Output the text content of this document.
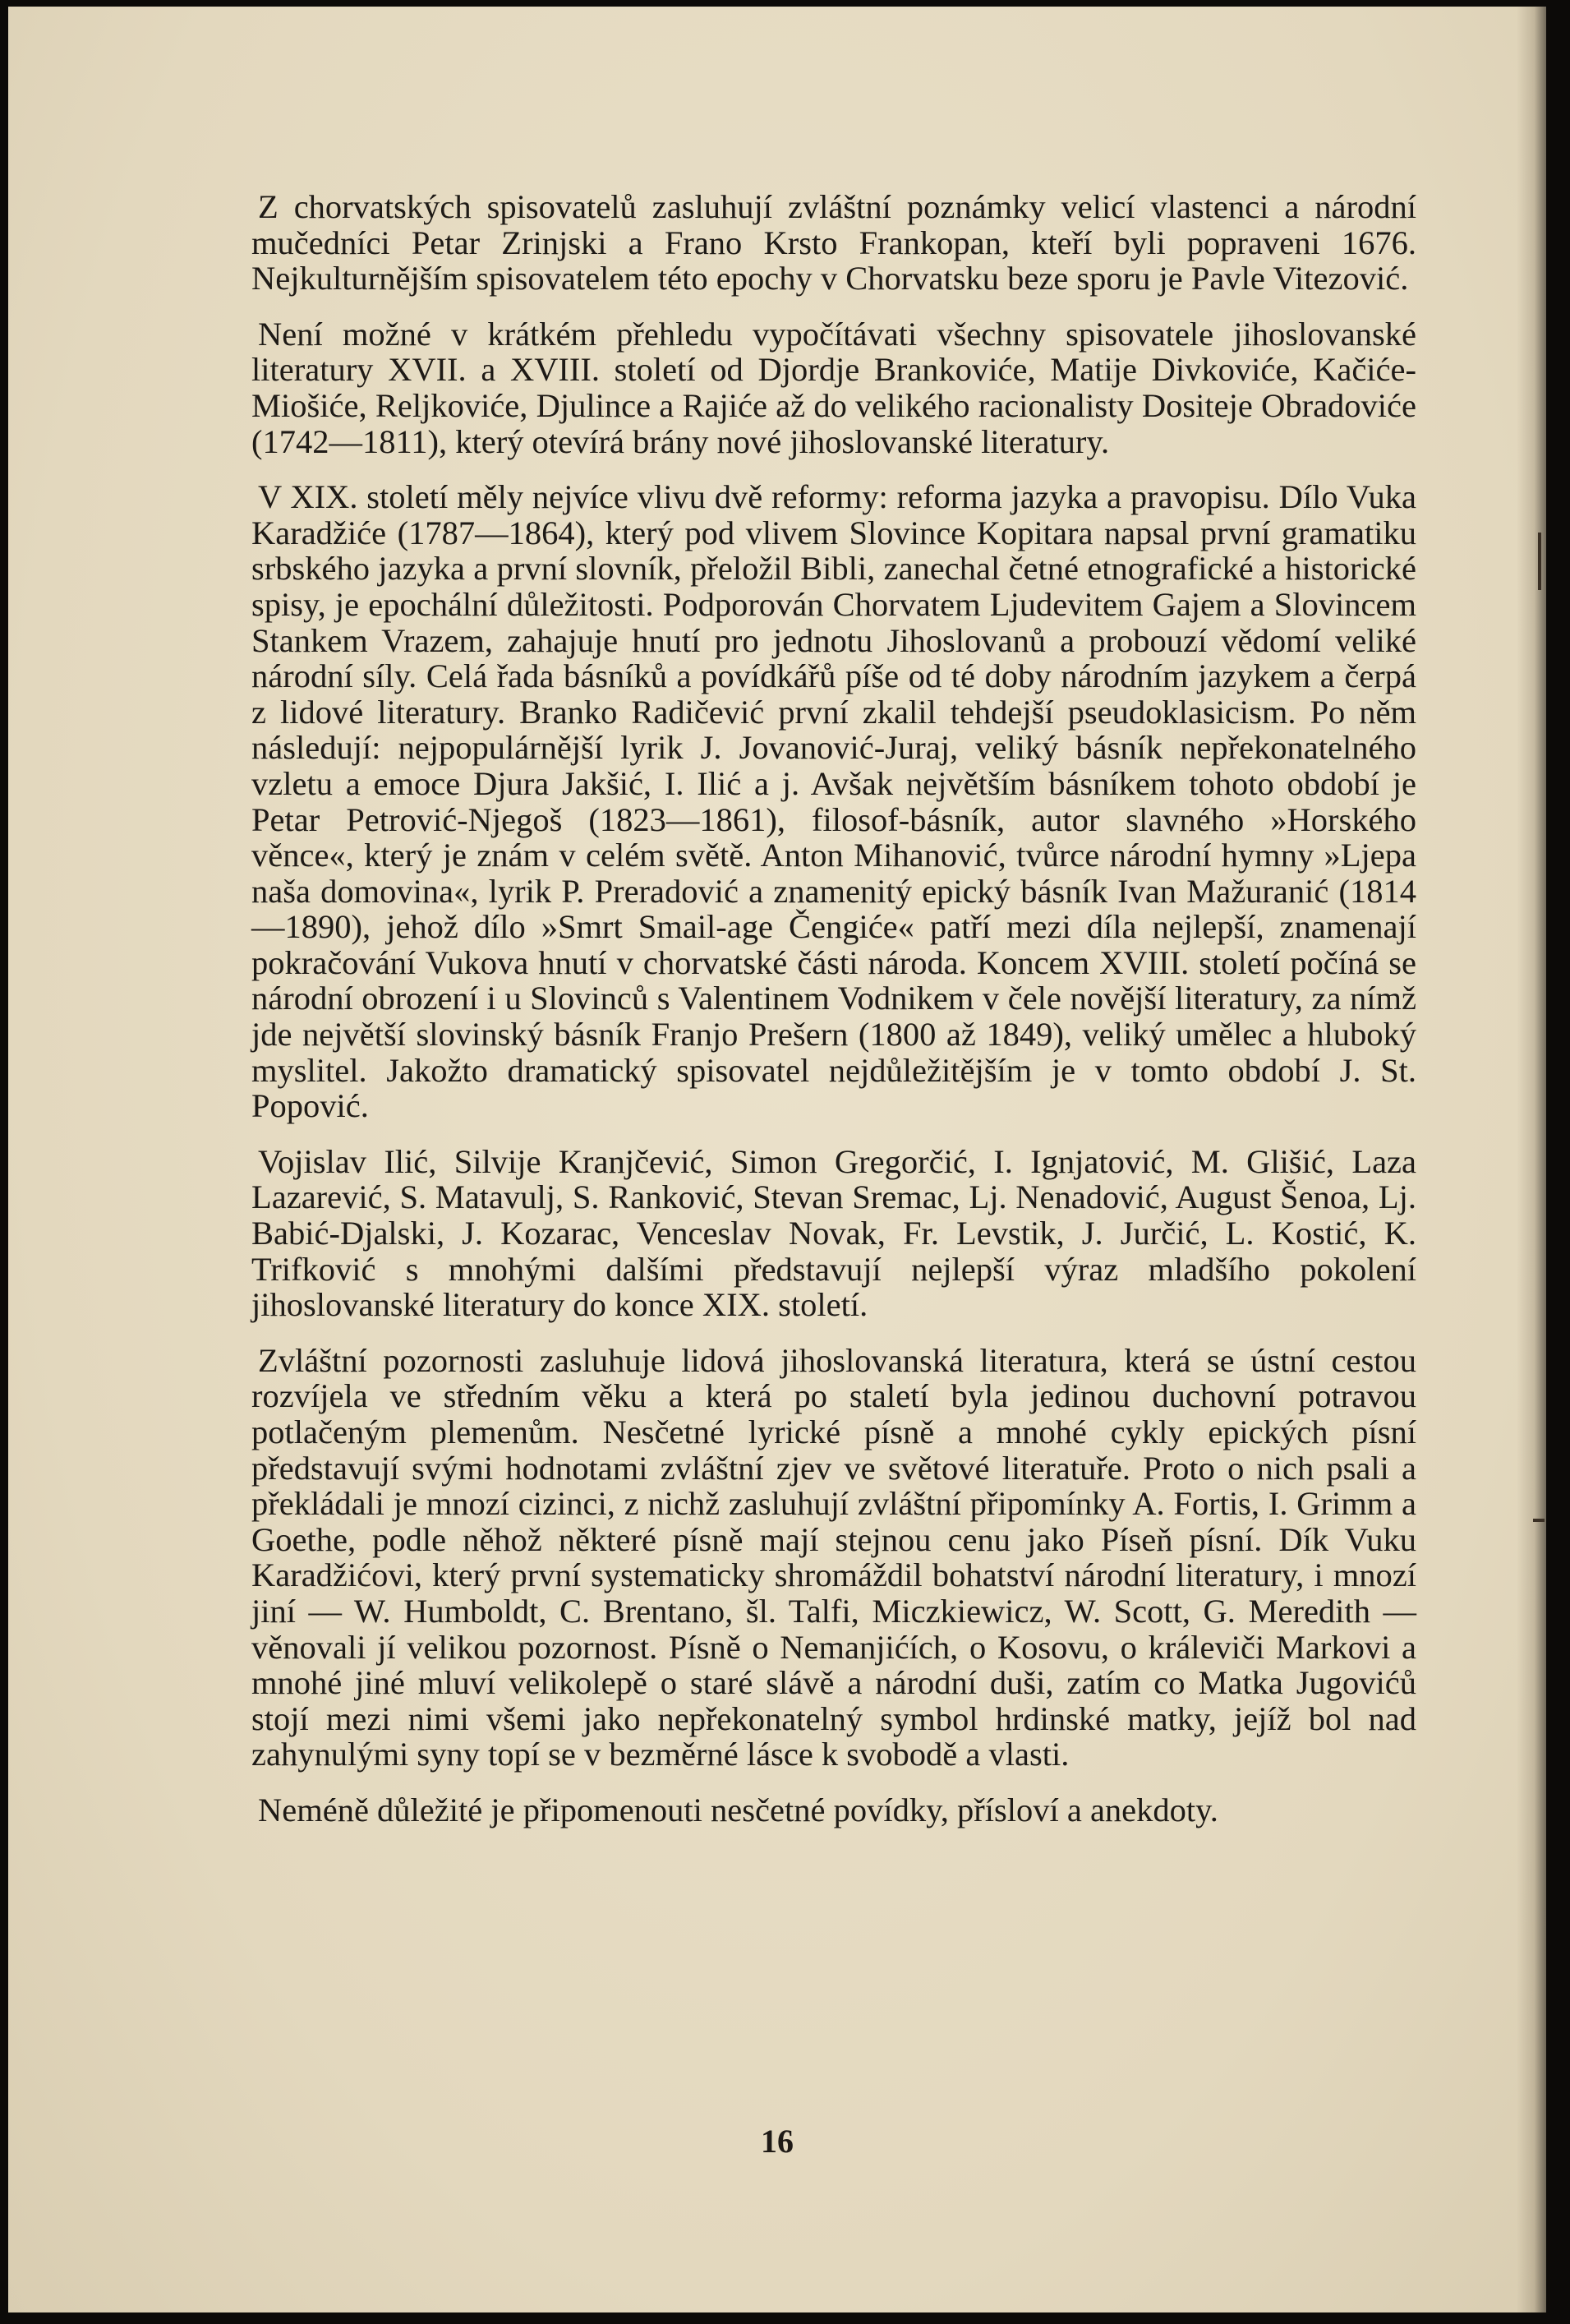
Z chorvatských spisovatelů zasluhují zvláštní poznámky velicí vlastenci a národní mučedníci Petar Zrinjski a Frano Krsto Frankopan, kteří byli popraveni 1676. Nejkulturnějším spisovatelem této epochy v Chorvatsku beze sporu je Pavle Vitezović.

Není možné v krátkém přehledu vypočítávati všechny spisovatele jihoslovanské literatury XVII. a XVIII. století od Djordje Brankoviće, Matije Divkoviće, Kačiće-Miošiće, Reljkoviće, Djulince a Rajiće až do velikého racionalisty Dositeje Obradoviće (1742—1811), který otevírá brány nové jihoslovanské literatury.

V XIX. století měly nejvíce vlivu dvě reformy: reforma jazyka a pravopisu. Dílo Vuka Karadžiće (1787—1864), který pod vlivem Slovince Kopitara napsal první gramatiku srbského jazyka a první slovník, přeložil Bibli, zanechal četné etnografické a historické spisy, je epochální důležitosti. Podporován Chorvatem Ljudevitem Gajem a Slovincem Stankem Vrazem, zahajuje hnutí pro jednotu Jihoslovanů a probouzí vědomí veliké národní síly. Celá řada básníků a povídkářů píše od té doby národním jazykem a čerpá z lidové literatury. Branko Radičević první zkalil tehdejší pseudoklasicism. Po něm následují: nejpopulárnější lyrik J. Jovanović-Juraj, veliký básník nepřekonatelného vzletu a emoce Djura Jakšić, I. Ilić a j. Avšak největším básníkem tohoto období je Petar Petrović-Njegoš (1823—1861), filosof-básník, autor slavného »Horského věnce«, který je znám v celém světě. Anton Mihanović, tvůrce národní hymny »Ljepa naša domovina«, lyrik P. Preradović a znamenitý epický básník Ivan Mažuranić (1814—1890), jehož dílo »Smrt Smail-age Čengiće« patří mezi díla nejlepší, znamenají pokračování Vukova hnutí v chorvatské části národa. Koncem XVIII. století počíná se národní obrození i u Slovinců s Valentinem Vodnikem v čele novější literatury, za nímž jde největší slovinský básník Franjo Prešern (1800 až 1849), veliký umělec a hluboký myslitel. Jakožto dramatický spisovatel nejdůležitějším je v tomto období J. St. Popović.

Vojislav Ilić, Silvije Kranjčević, Simon Gregorčić, I. Ignjatović, M. Glišić, Laza Lazarević, S. Matavulj, S. Ranković, Stevan Sremac, Lj. Nenadović, August Šenoa, Lj. Babić-Djalski, J. Kozarac, Venceslav Novak, Fr. Levstik, J. Jurčić, L. Kostić, K. Trifković s mnohými dalšími představují nejlepší výraz mladšího pokolení jihoslovanské literatury do konce XIX. století.

Zvláštní pozornosti zasluhuje lidová jihoslovanská literatura, která se ústní cestou rozvíjela ve středním věku a která po staletí byla jedinou duchovní potravou potlačeným plemenům. Nesčetné lyrické písně a mnohé cykly epických písní představují svými hodnotami zvláštní zjev ve světové literatuře. Proto o nich psali a překládali je mnozí cizinci, z nichž zasluhují zvláštní připomínky A. Fortis, I. Grimm a Goethe, podle něhož některé písně mají stejnou cenu jako Píseň písní. Dík Vuku Karadžićovi, který první systematicky shromáždil bohatství národní literatury, i mnozí jiní — W. Humboldt, C. Brentano, šl. Talfi, Miczkiewicz, W. Scott, G. Meredith — věnovali jí velikou pozornost. Písně o Nemanjićích, o Kosovu, o králeviči Markovi a mnohé jiné mluví velikolepě o staré slávě a národní duši, zatím co Matka Jugovićů stojí mezi nimi všemi jako nepřekonatelný symbol hrdinské matky, jejíž bol nad zahynulými syny topí se v bezměrné lásce k svobodě a vlasti.

Neméně důležité je připomenouti nesčetné povídky, přísloví a anekdoty.

16
